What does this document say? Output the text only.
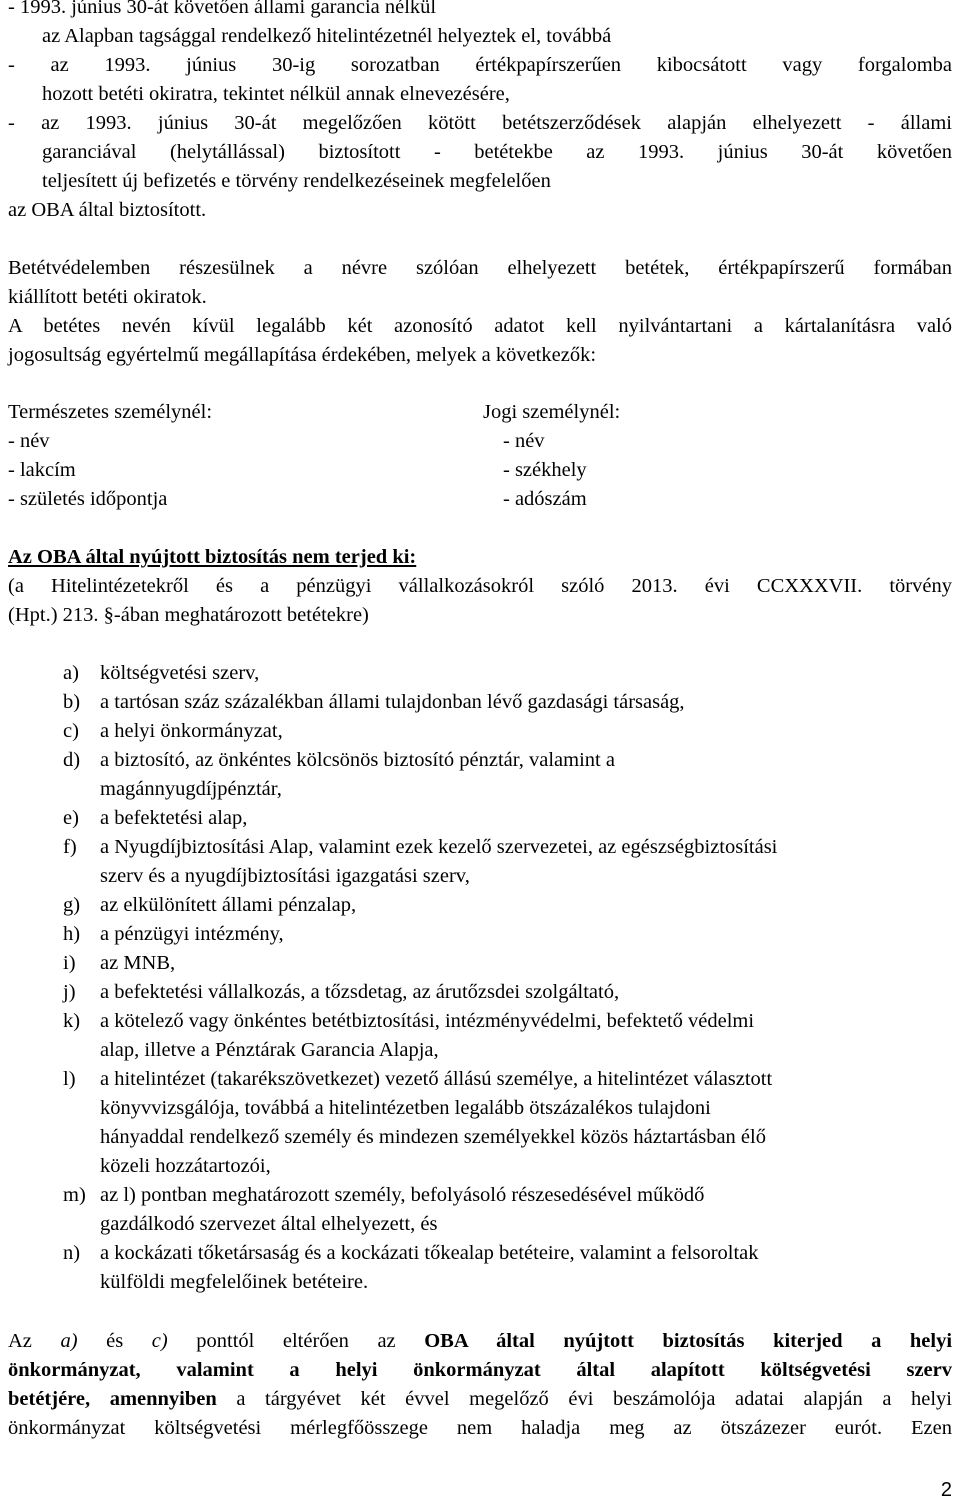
- 1993. június 30-át követően állami garancia nélkül
az Alapban tagsággal rendelkező hitelintézetnél helyeztek el, továbbá
- az 1993. június 30-ig sorozatban értékpapírszerűen kibocsátott vagy forgalomba
hozott betéti okiratra, tekintet nélkül annak elnevezésére,
- az 1993. június 30-át megelőzően kötött betétszerződések alapján elhelyezett - állami
garanciával (helytállással) biztosított - betétekbe az 1993. június 30-át követően
teljesített új befizetés e törvény rendelkezéseinek megfelelően
az OBA által biztosított.
Betétvédelemben részesülnek a névre szólóan elhelyezett betétek, értékpapírszerű formában
kiállított betéti okiratok.
A betétes nevén kívül legalább két azonosító adatot kell nyilvántartani a kártalanításra való
jogosultság egyértelmű megállapítása érdekében, melyek a következők:
Természetes személynél:
- név
- lakcím
- születés időpontja
Jogi személynél:
- név
- székhely
- adószám
Az OBA által nyújtott biztosítás nem terjed ki:
(a Hitelintézetekről és a pénzügyi vállalkozásokról szóló 2013. évi CCXXXVII. törvény
(Hpt.) 213. §-ában meghatározott betétekre)
a) költségvetési szerv,
b) a tartósan száz százalékban állami tulajdonban lévő gazdasági társaság,
c) a helyi önkormányzat,
d) a biztosító, az önkéntes kölcsönös biztosító pénztár, valamint a
magánnyugdíjpénztár,
e) a befektetési alap,
f) a Nyugdíjbiztosítási Alap, valamint ezek kezelő szervezetei, az egészségbiztosítási
szerv és a nyugdíjbiztosítási igazgatási szerv,
g) az elkülönített állami pénzalap,
h) a pénzügyi intézmény,
i) az MNB,
j) a befektetési vállalkozás, a tőzsdetag, az árutőzsdei szolgáltató,
k) a kötelező vagy önkéntes betétbiztosítási, intézményvédelmi, befektető védelmi
alap, illetve a Pénztárak Garancia Alapja,
l) a hitelintézet (takarékszövetkezet) vezető állású személye, a hitelintézet választott
könyvvizsgálója, továbbá a hitelintézetben legalább ötszázalékos tulajdoni
hányaddal rendelkező személy és mindezen személyekkel közös háztartásban élő
közeli hozzátartozói,
m) az l) pontban meghatározott személy, befolyásoló részesedésével működő
gazdálkodó szervezet által elhelyezett, és
n) a kockázati tőketársaság és a kockázati tőkealap betéteire, valamint a felsoroltak
külföldi megfelelőinek betéteire.
Az a) és c) ponttól eltérően az OBA által nyújtott biztosítás kiterjed a helyi
önkormányzat, valamint a helyi önkormányzat által alapított költségvetési szerv
betétjére, amennyiben a tárgyévet két évvel megelőző évi beszámolója adatai alapján a helyi
önkormányzat költségvetési mérlegfőösszege nem haladja meg az ötszázezer eurót. Ezen
2
